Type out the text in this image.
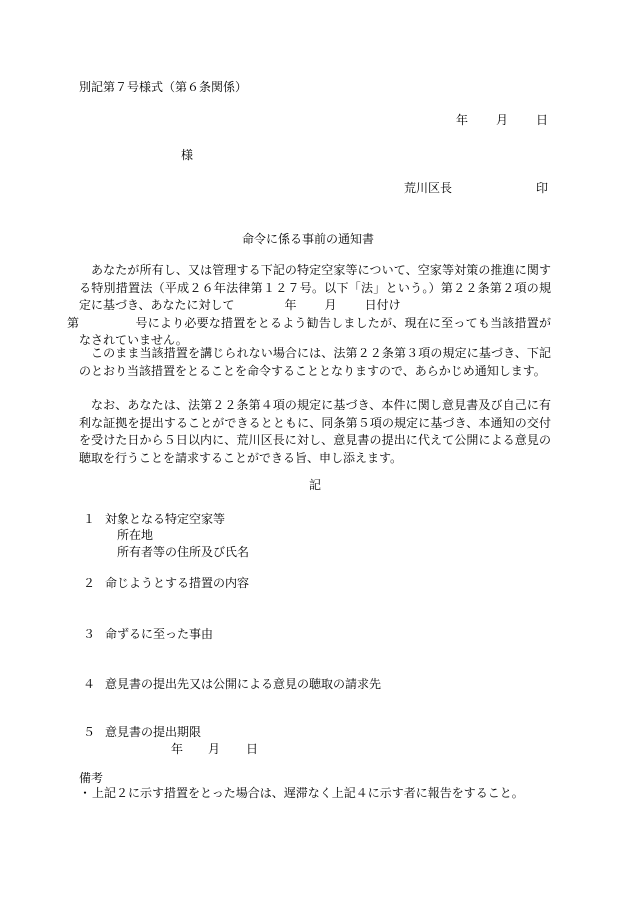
別記第７号様式（第６条関係）
年 月 日
様
荒川区長	印
命令に係る事前の通知書
あなたが所有し、又は管理する下記の特定空家等について、空家等対策の推進に関する特別措置法（平成２６年法律第１２７号。以下「法」という。）第２２条第２項の規定に基づき、あなたに対して	年 月 日付け
第	号により必要な措置をとるよう勧告しましたが、現在に至っても当該措置がなされていません。
このまま当該措置を講じられない場合には、法第２２条第３項の規定に基づき、下記のとおり当該措置をとることを命令することとなりますので、あらかじめ通知します。
なお、あなたは、法第２２条第４項の規定に基づき、本件に関し意見書及び自己に有利な証拠を提出することができるとともに、同条第５項の規定に基づき、本通知の交付を受けた日から５日以内に、荒川区長に対し、意見書の提出に代えて公開による意見の聴取を行うことを請求することができる旨、申し添えます。
記
１ 対象となる特定空家等
所在地
所有者等の住所及び氏名
２ 命じようとする措置の内容
３ 命ずるに至った事由
４ 意見書の提出先又は公開による意見の聴取の請求先
５ 意見書の提出期限
年 月 日
備考
・ 上記２に示す措置をとった場合は、遅滞なく上記４に示す者に報告をすること。
